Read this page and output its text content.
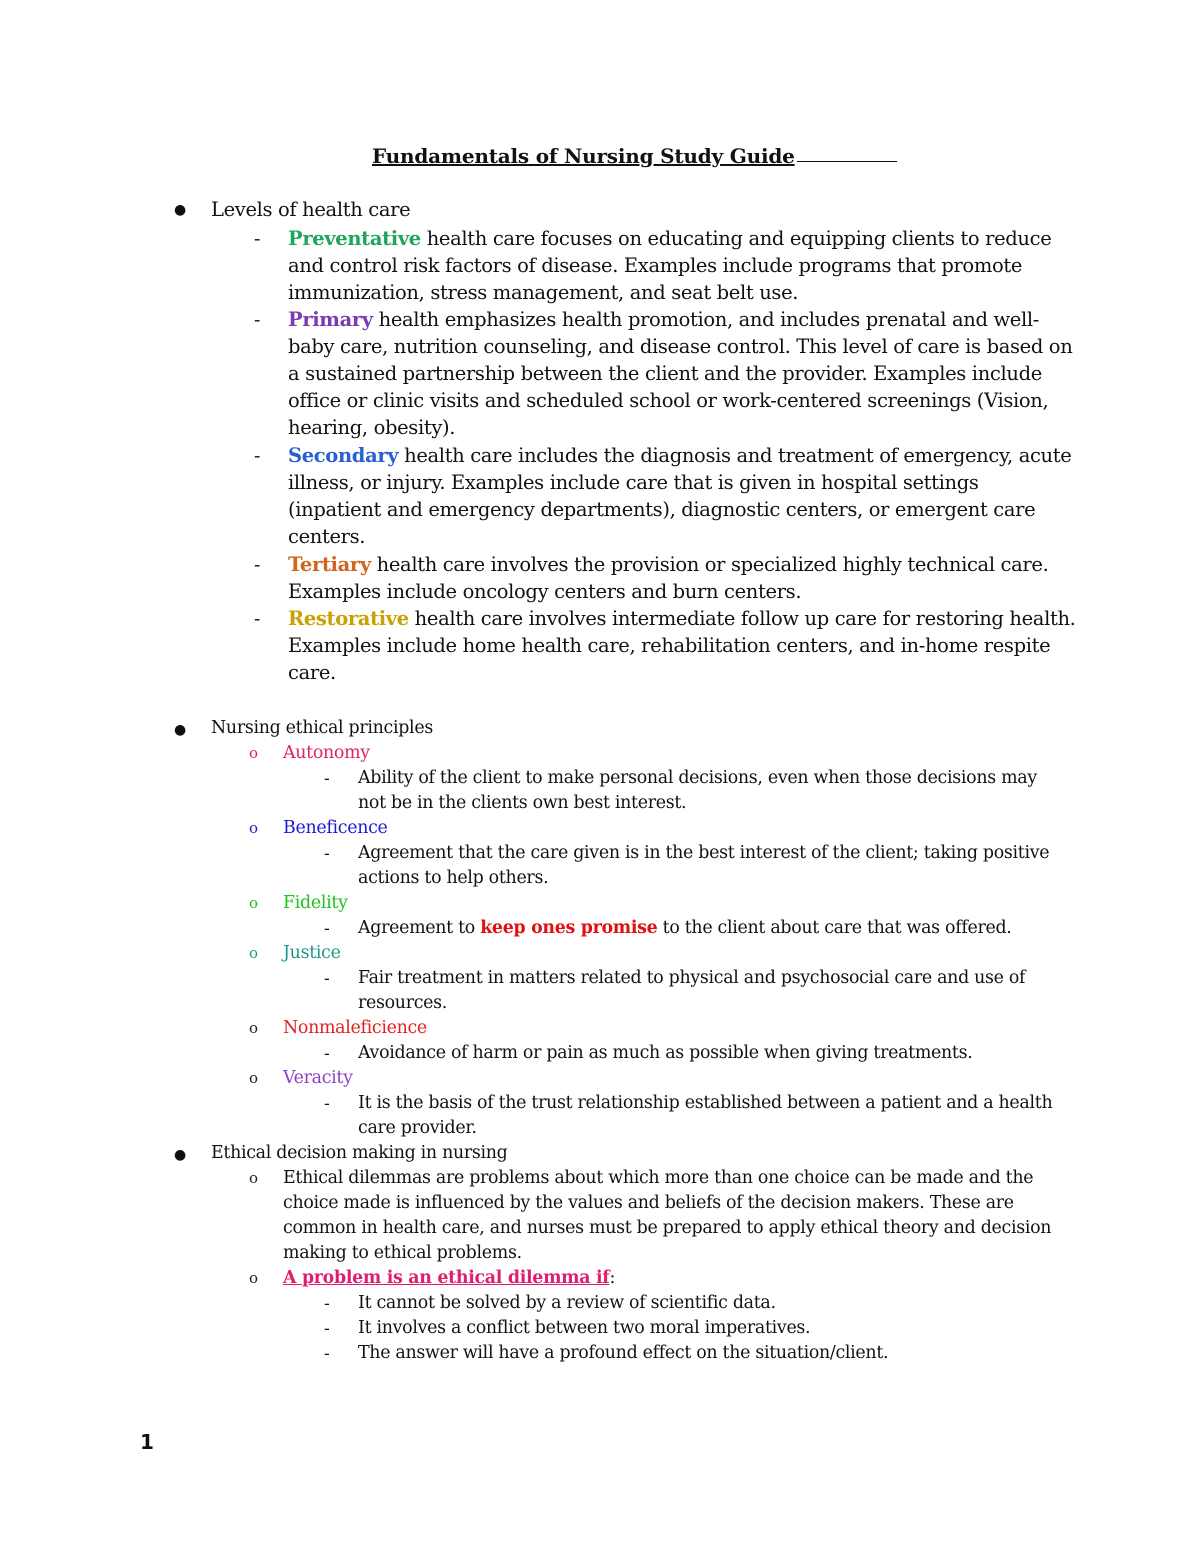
Fundamentals of Nursing Study Guide
● Levels of health care
- Preventative health care focuses on educating and equipping clients to reduce
and control risk factors of disease. Examples include programs that promote
immunization, stress management, and seat belt use.
- Primary health emphasizes health promotion, and includes prenatal and well-
baby care, nutrition counseling, and disease control. This level of care is based on
a sustained partnership between the client and the provider. Examples include
office or clinic visits and scheduled school or work-centered screenings (Vision,
hearing, obesity).
- Secondary health care includes the diagnosis and treatment of emergency, acute
illness, or injury. Examples include care that is given in hospital settings
(inpatient and emergency departments), diagnostic centers, or emergent care
centers.
- Tertiary health care involves the provision or specialized highly technical care.
Examples include oncology centers and burn centers.
- Restorative health care involves intermediate follow up care for restoring health.
Examples include home health care, rehabilitation centers, and in-home respite
care.
● Nursing ethical principles
o Autonomy
- Ability of the client to make personal decisions, even when those decisions may
not be in the clients own best interest.
o Beneficence
- Agreement that the care given is in the best interest of the client; taking positive
actions to help others.
o Fidelity
- Agreement to keep ones promise to the client about care that was offered.
o Justice
- Fair treatment in matters related to physical and psychosocial care and use of
resources.
o Nonmaleficience
- Avoidance of harm or pain as much as possible when giving treatments.
o Veracity
- It is the basis of the trust relationship established between a patient and a health
care provider.
● Ethical decision making in nursing
o Ethical dilemmas are problems about which more than one choice can be made and the
choice made is influenced by the values and beliefs of the decision makers. These are
common in health care, and nurses must be prepared to apply ethical theory and decision
making to ethical problems.
o A problem is an ethical dilemma if:
- It cannot be solved by a review of scientific data.
- It involves a conflict between two moral imperatives.
- The answer will have a profound effect on the situation/client.
1
